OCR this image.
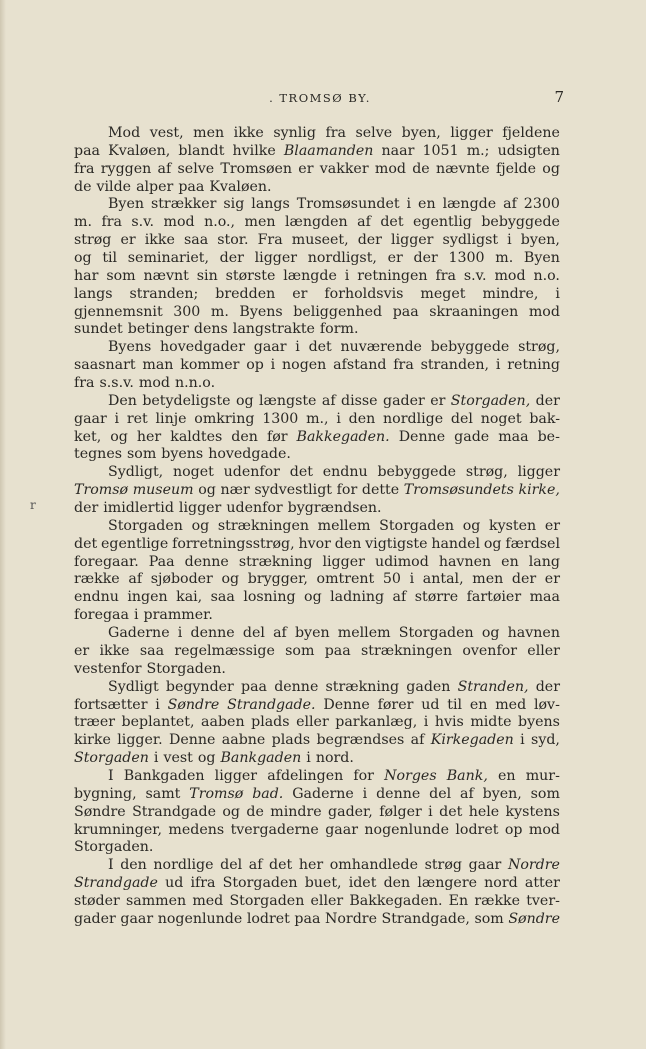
. TROMSØ BY.	7
r
Mod vest, men ikke synlig fra selve byen, ligger fjeldene
paa Kvaløen, blandt hvilke Blaamanden naar 1051 m.; udsigten
fra ryggen af selve Tromsøen er vakker mod de nævnte fjelde og
de vilde alper paa Kvaløen.
Byen strækker sig langs Tromsøsundet i en længde af 2300
m. fra s.v. mod n.o., men længden af det egentlig bebyggede
strøg er ikke saa stor. Fra museet, der ligger sydligst i byen,
og til seminariet, der ligger nordligst, er der 1300 m. Byen
har som nævnt sin største længde i retningen fra s.v. mod n.o.
langs stranden; bredden er forholdsvis meget mindre, i
gjennemsnit 300 m. Byens beliggenhed paa skraaningen mod
sundet betinger dens langstrakte form.
Byens hovedgader gaar i det nuværende bebyggede strøg,
saasnart man kommer op i nogen afstand fra stranden, i retning
fra s.s.v. mod n.n.o.
Den betydeligste og længste af disse gader er Storgaden, der
gaar i ret linje omkring 1300 m., i den nordlige del noget bak-
ket, og her kaldtes den før Bakkegaden. Denne gade maa be-
tegnes som byens hovedgade.
Sydligt, noget udenfor det endnu bebyggede strøg, ligger
Tromsø museum og nær sydvestligt for dette Tromsøsundets kirke,
der imidlertid ligger udenfor bygrændsen.
Storgaden og strækningen mellem Storgaden og kysten er
det egentlige forretningsstrøg, hvor den vigtigste handel og færdsel
foregaar. Paa denne strækning ligger udimod havnen en lang
række af sjøboder og brygger, omtrent 50 i antal, men der er
endnu ingen kai, saa losning og ladning af større fartøier maa
foregaa i prammer.
Gaderne i denne del af byen mellem Storgaden og havnen
er ikke saa regelmæssige som paa strækningen ovenfor eller
vestenfor Storgaden.
Sydligt begynder paa denne strækning gaden Stranden, der
fortsætter i Søndre Strandgade. Denne fører ud til en med løv-
træer beplantet, aaben plads eller parkanlæg, i hvis midte byens
kirke ligger. Denne aabne plads begrændses af Kirkegaden i syd,
Storgaden i vest og Bankgaden i nord.
I Bankgaden ligger afdelingen for Norges Bank, en mur-
bygning, samt Tromsø bad. Gaderne i denne del af byen, som
Søndre Strandgade og de mindre gader, følger i det hele kystens
krumninger, medens tvergaderne gaar nogenlunde lodret op mod
Storgaden.
I den nordlige del af det her omhandlede strøg gaar Nordre
Strandgade ud ifra Storgaden buet, idet den længere nord atter
støder sammen med Storgaden eller Bakkegaden. En række tver-
gader gaar nogenlunde lodret paa Nordre Strandgade, som Søndre
